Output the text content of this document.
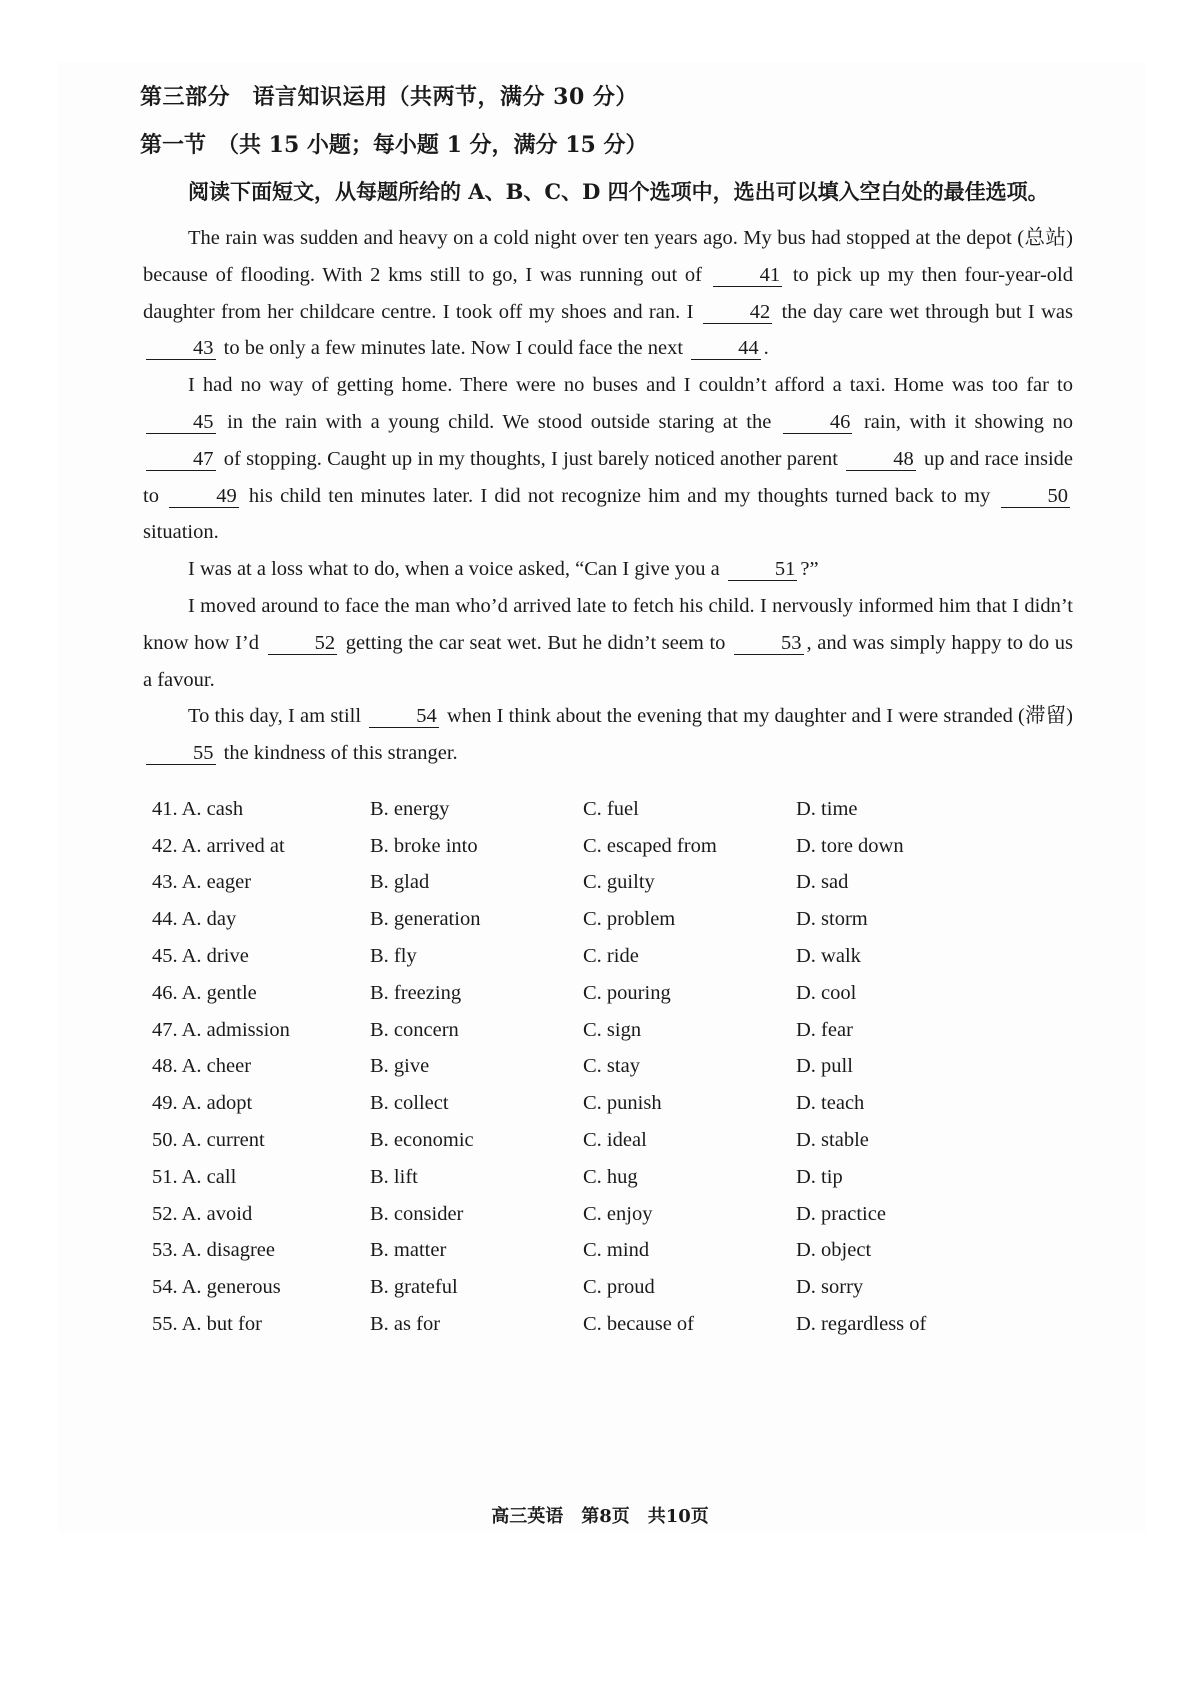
第三部分　语言知识运用（共两节，满分 30 分）
第一节　（共 15 小题；每小题 1 分，满分 15 分）
阅读下面短文，从每题所给的 A、B、C、D 四个选项中，选出可以填入空白处的最佳选项。

The rain was sudden and heavy on a cold night over ten years ago. My bus had stopped at the depot (总站) because of flooding. With 2 kms still to go, I was running out of 41 to pick up my then four-year-old daughter from her childcare centre. I took off my shoes and ran. I 42 the day care wet through but I was 43 to be only a few minutes late. Now I could face the next 44 .

I had no way of getting home. There were no buses and I couldn’t afford a taxi. Home was too far to 45 in the rain with a young child. We stood outside staring at the 46 rain, with it showing no 47 of stopping. Caught up in my thoughts, I just barely noticed another parent 48 up and race inside to 49 his child ten minutes later. I did not recognize him and my thoughts turned back to my 50 situation.

I was at a loss what to do, when a voice asked, “Can I give you a 51 ?”

I moved around to face the man who’d arrived late to fetch his child. I nervously informed him that I didn’t know how I’d 52 getting the car seat wet. But he didn’t seem to 53 , and was simply happy to do us a favour.

To this day, I am still 54 when I think about the evening that my daughter and I were stranded (滞留) 55 the kindness of this stranger.

41. A. cash	B. energy	C. fuel	D. time
42. A. arrived at	B. broke into	C. escaped from	D. tore down
43. A. eager	B. glad	C. guilty	D. sad
44. A. day	B. generation	C. problem	D. storm
45. A. drive	B. fly	C. ride	D. walk
46. A. gentle	B. freezing	C. pouring	D. cool
47. A. admission	B. concern	C. sign	D. fear
48. A. cheer	B. give	C. stay	D. pull
49. A. adopt	B. collect	C. punish	D. teach
50. A. current	B. economic	C. ideal	D. stable
51. A. call	B. lift	C. hug	D. tip
52. A. avoid	B. consider	C. enjoy	D. practice
53. A. disagree	B. matter	C. mind	D. object
54. A. generous	B. grateful	C. proud	D. sorry
55. A. but for	B. as for	C. because of	D. regardless of
高三英语　第8页　共10页
